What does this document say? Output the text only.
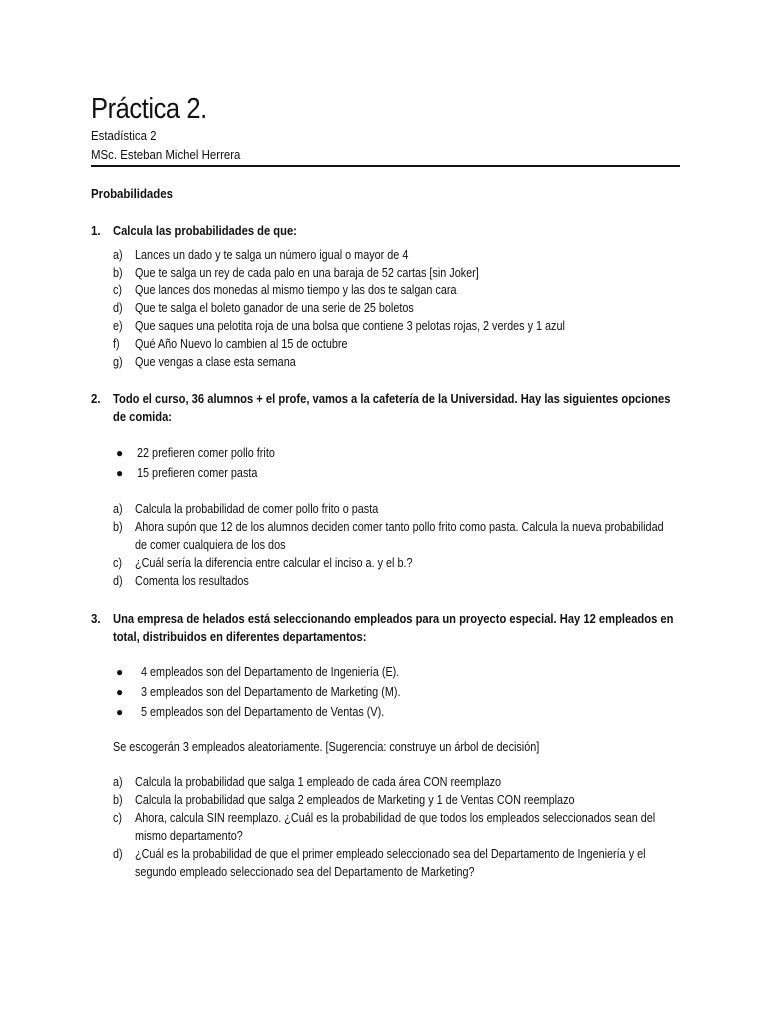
Práctica 2.
Estadística 2
MSc. Esteban Michel Herrera
Probabilidades
1. Calcula las probabilidades de que:
a) Lances un dado y te salga un número igual o mayor de 4
b) Que te salga un rey de cada palo en una baraja de 52 cartas [sin Joker]
c) Que lances dos monedas al mismo tiempo y las dos te salgan cara
d) Que te salga el boleto ganador de una serie de 25 boletos
e) Que saques una pelotita roja de una bolsa que contiene 3 pelotas rojas, 2 verdes y 1 azul
f) Qué Año Nuevo lo cambien al 15 de octubre
g) Que vengas a clase esta semana
2. Todo el curso, 36 alumnos + el profe, vamos a la cafetería de la Universidad. Hay las siguientes opciones
de comida:
● 22 prefieren comer pollo frito
● 15 prefieren comer pasta
a) Calcula la probabilidad de comer pollo frito o pasta
b) Ahora supón que 12 de los alumnos deciden comer tanto pollo frito como pasta. Calcula la nueva probabilidad
de comer cualquiera de los dos
c) ¿Cuál sería la diferencia entre calcular el inciso a. y el b.?
d) Comenta los resultados
3. Una empresa de helados está seleccionando empleados para un proyecto especial. Hay 12 empleados en
total, distribuidos en diferentes departamentos:
● 4 empleados son del Departamento de Ingeniería (E).
● 3 empleados son del Departamento de Marketing (M).
● 5 empleados son del Departamento de Ventas (V).
Se escogerán 3 empleados aleatoriamente. [Sugerencia: construye un árbol de decisión]
a) Calcula la probabilidad que salga 1 empleado de cada área CON reemplazo
b) Calcula la probabilidad que salga 2 empleados de Marketing y 1 de Ventas CON reemplazo
c) Ahora, calcula SIN reemplazo. ¿Cuál es la probabilidad de que todos los empleados seleccionados sean del
mismo departamento?
d) ¿Cuál es la probabilidad de que el primer empleado seleccionado sea del Departamento de Ingeniería y el
segundo empleado seleccionado sea del Departamento de Marketing?
